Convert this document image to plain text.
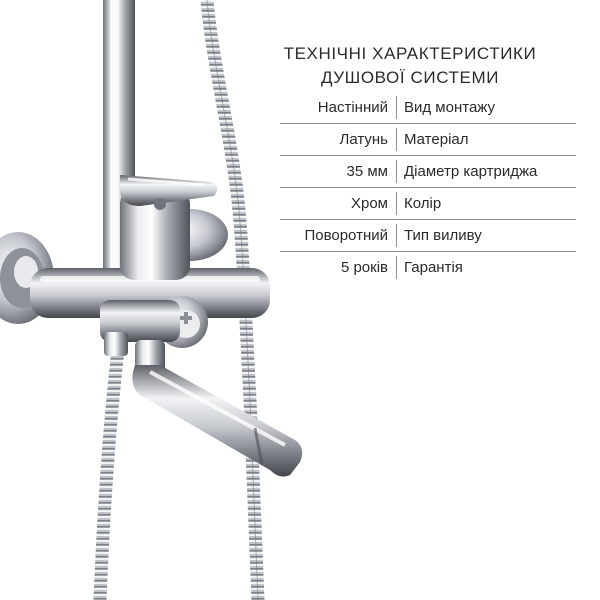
ТЕХНІЧНІ ХАРАКТЕРИСТИКИ
ДУШОВОЇ СИСТЕМИ
Настінний Вид монтажу
Латунь Матеріал
35 мм Діаметр картриджа
Хром Колір
Поворотний Тип виливу
5 років Гарантія
